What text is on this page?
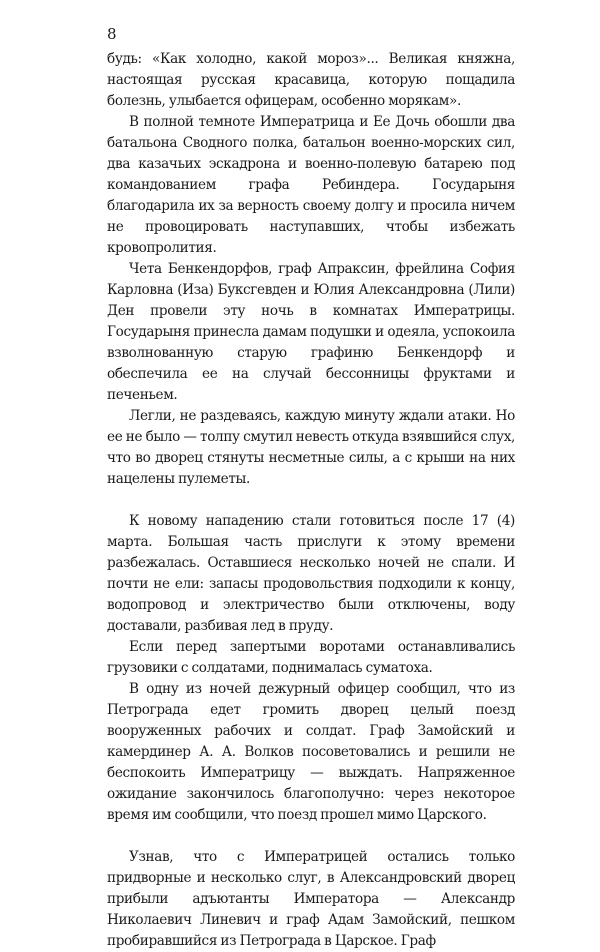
8

будь: «Как холодно, какой мороз»... Великая княжна, настоящая русская красавица, которую пощадила болезнь, улыбается офицерам, особенно морякам».

В полной темноте Императрица и Ее Дочь обошли два батальона Сводного полка, батальон военно-морских сил, два казачьих эскадрона и военно-полевую батарею под командованием графа Ребиндера. Государыня благодарила их за верность своему долгу и просила ничем не провоцировать наступавших, чтобы избежать кровопролития.

Чета Бенкендорфов, граф Апраксин, фрейлина София Карловна (Иза) Буксгевден и Юлия Александровна (Лили) Ден провели эту ночь в комнатах Императрицы. Государыня принесла дамам подушки и одеяла, успокоила взволнованную старую графиню Бенкендорф и обеспечила ее на случай бессонницы фруктами и печеньем.

Легли, не раздеваясь, каждую минуту ждали атаки. Но ее не было — толпу смутил невесть откуда взявшийся слух, что во дворец стянуты несметные силы, а с крыши на них нацелены пулеметы.

К новому нападению стали готовиться после 17 (4) марта. Большая часть прислуги к этому времени разбежалась. Оставшиеся несколько ночей не спали. И почти не ели: запасы продовольствия подходили к концу, водопровод и электричество были отключены, воду доставали, разбивая лед в пруду.

Если перед запертыми воротами останавливались грузовики с солдатами, поднималась суматоха.

В одну из ночей дежурный офицер сообщил, что из Петрограда едет громить дворец целый поезд вооруженных рабочих и солдат. Граф Замойский и камердинер А. А. Волков посоветовались и решили не беспокоить Императрицу — выждать. Напряженное ожидание закончилось благополучно: через некоторое время им сообщили, что поезд прошел мимо Царского.

Узнав, что с Императрицей остались только придворные и несколько слуг, в Александровский дворец прибыли адъютанты Императора — Александр Николаевич Линевич и граф Адам Замойский, пешком пробиравшийся из Петрограда в Царское. Граф
